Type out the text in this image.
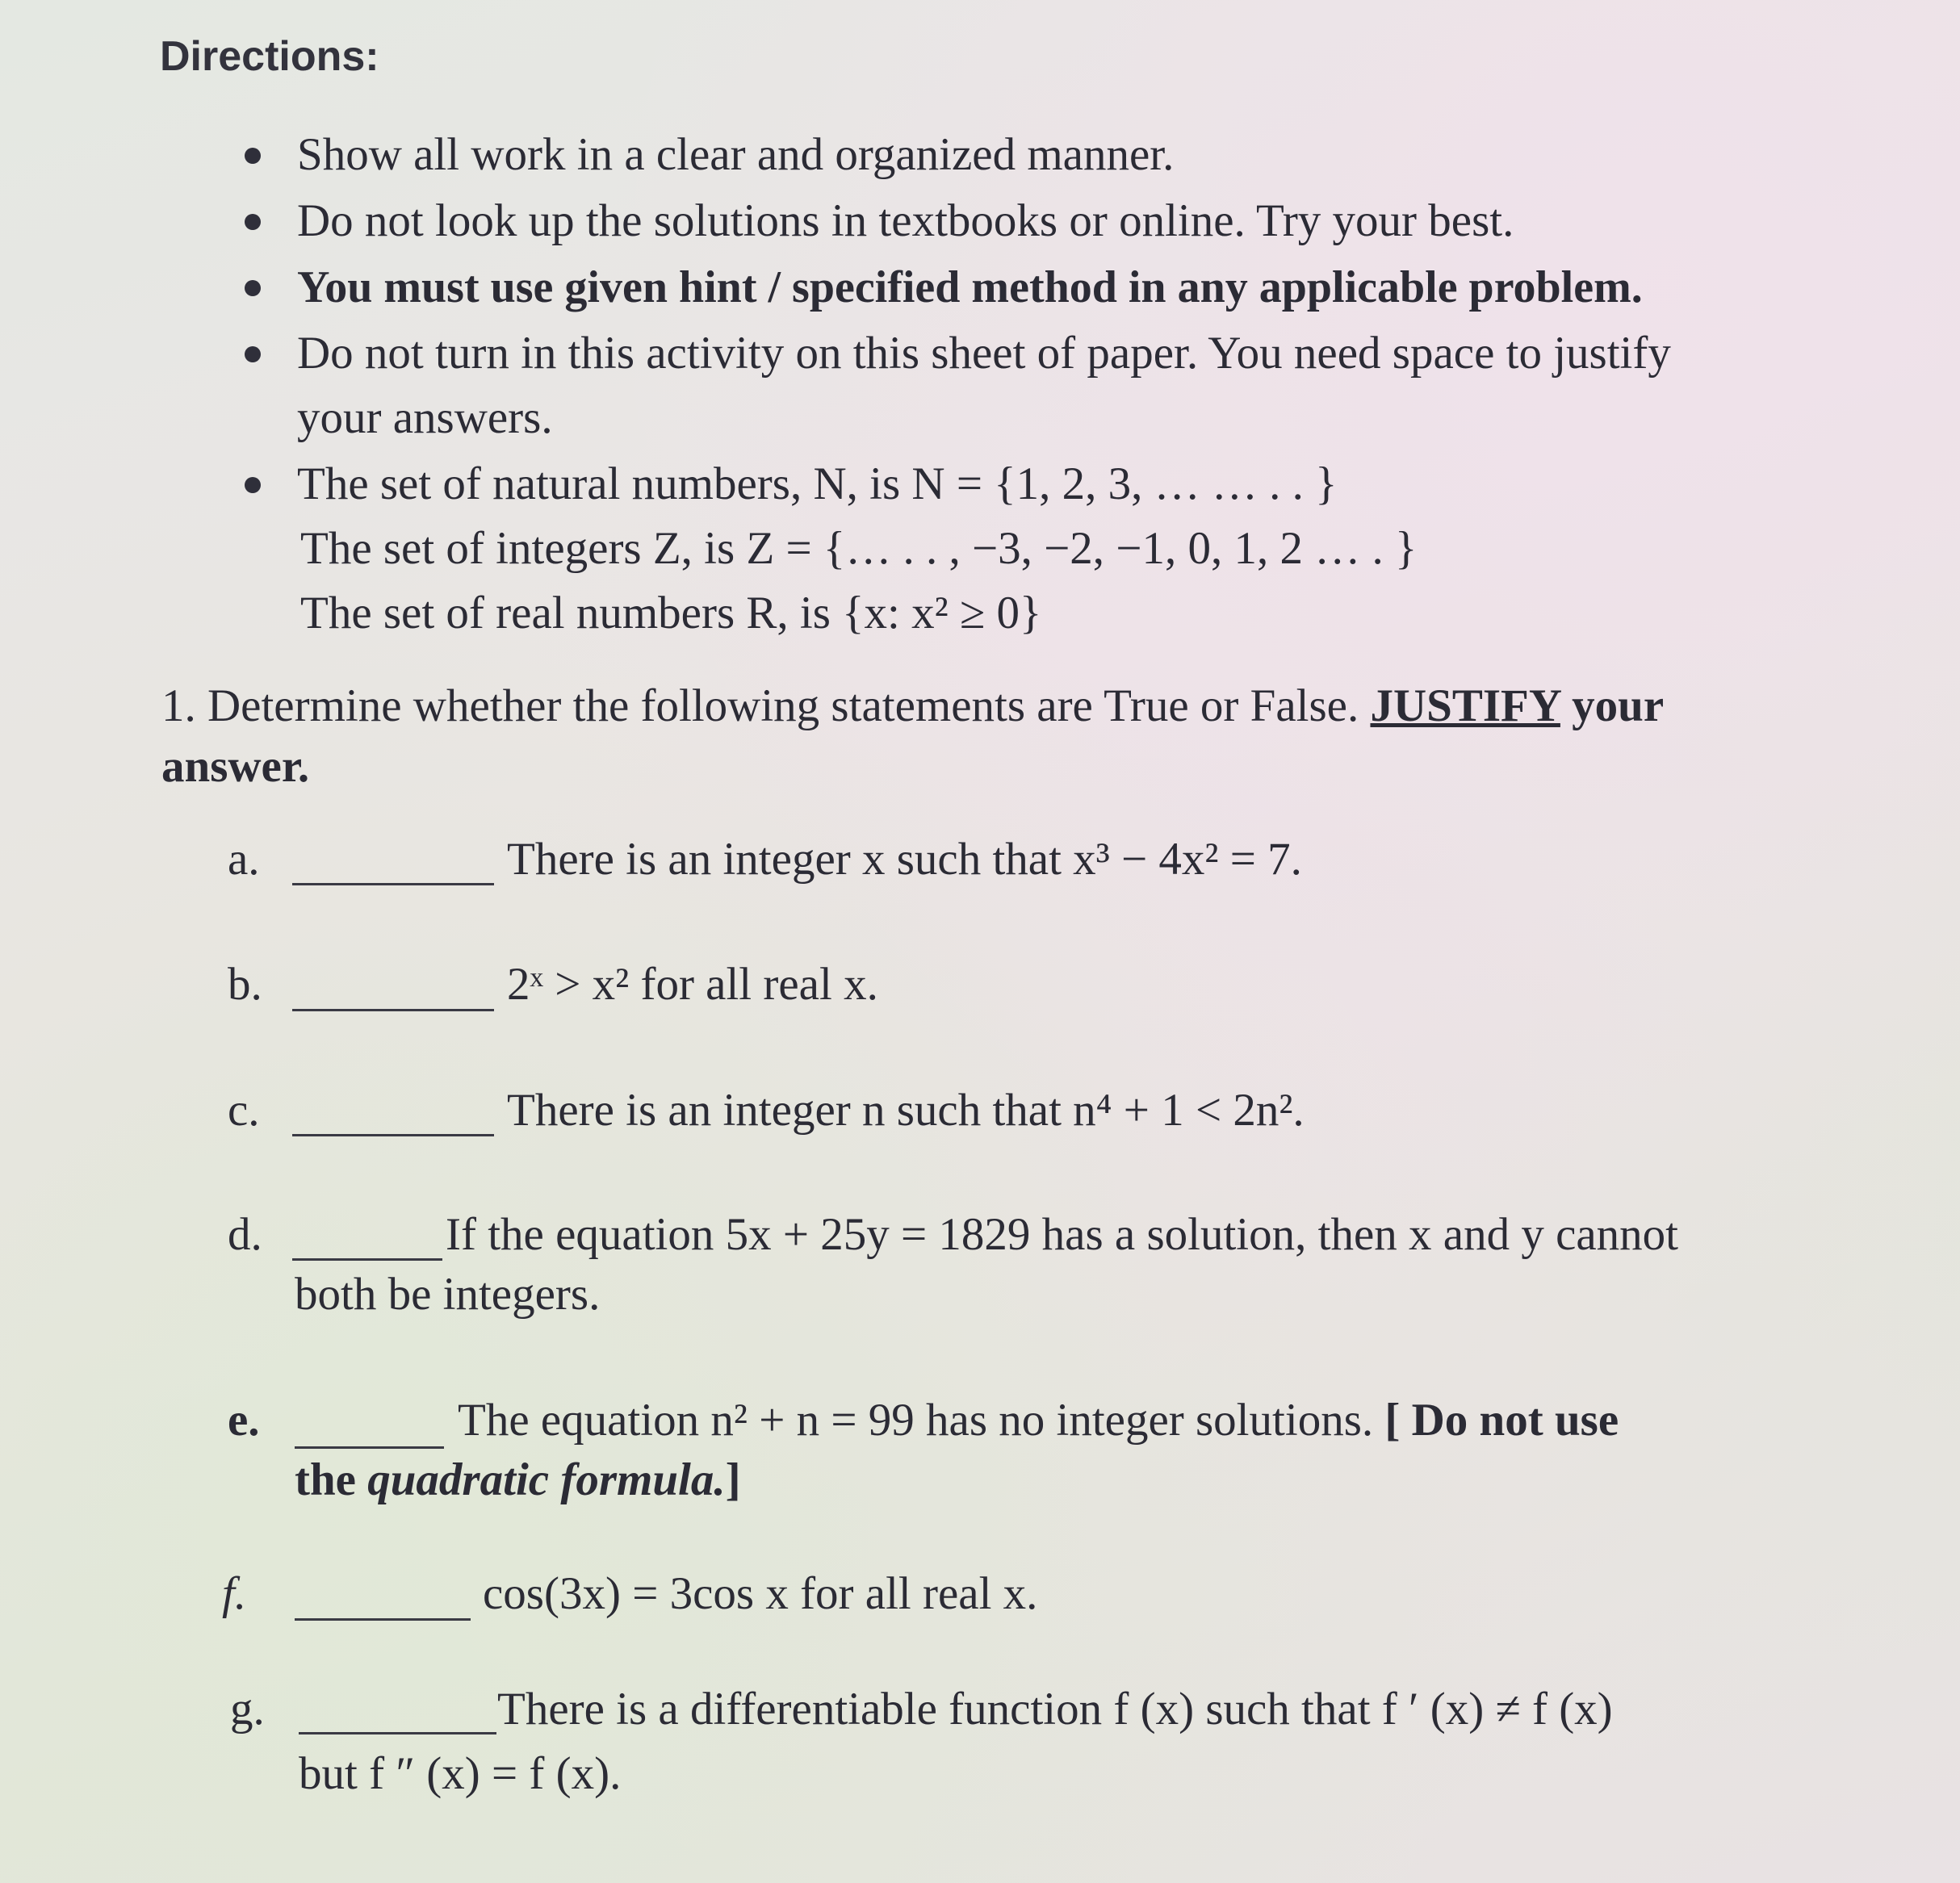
Directions:
Show all work in a clear and organized manner.
Do not look up the solutions in textbooks or online. Try your best.
You must use given hint / specified method in any applicable problem.
Do not turn in this activity on this sheet of paper. You need space to justify
your answers.
The set of natural numbers, N, is N = {1, 2, 3, … … . . }
The set of integers Z, is Z = {… . . , −3, −2, −1, 0, 1, 2 … . }
The set of real numbers R, is {x: x² ≥ 0}
1. Determine whether the following statements are True or False. JUSTIFY your
answer.
a.	There is an integer x such that x³ − 4x² = 7.
b.	2ˣ > x² for all real x.
c.	There is an integer n such that n⁴ + 1 < 2n².
d.	If the equation 5x + 25y = 1829 has a solution, then x and y cannot
both be integers.
e.	The equation n² + n = 99 has no integer solutions. [ Do not use
the quadratic formula.]
f.	cos(3x) = 3cos x for all real x.
g.	There is a differentiable function f (x) such that f ′ (x) ≠ f (x)
but f ″ (x) = f (x).
